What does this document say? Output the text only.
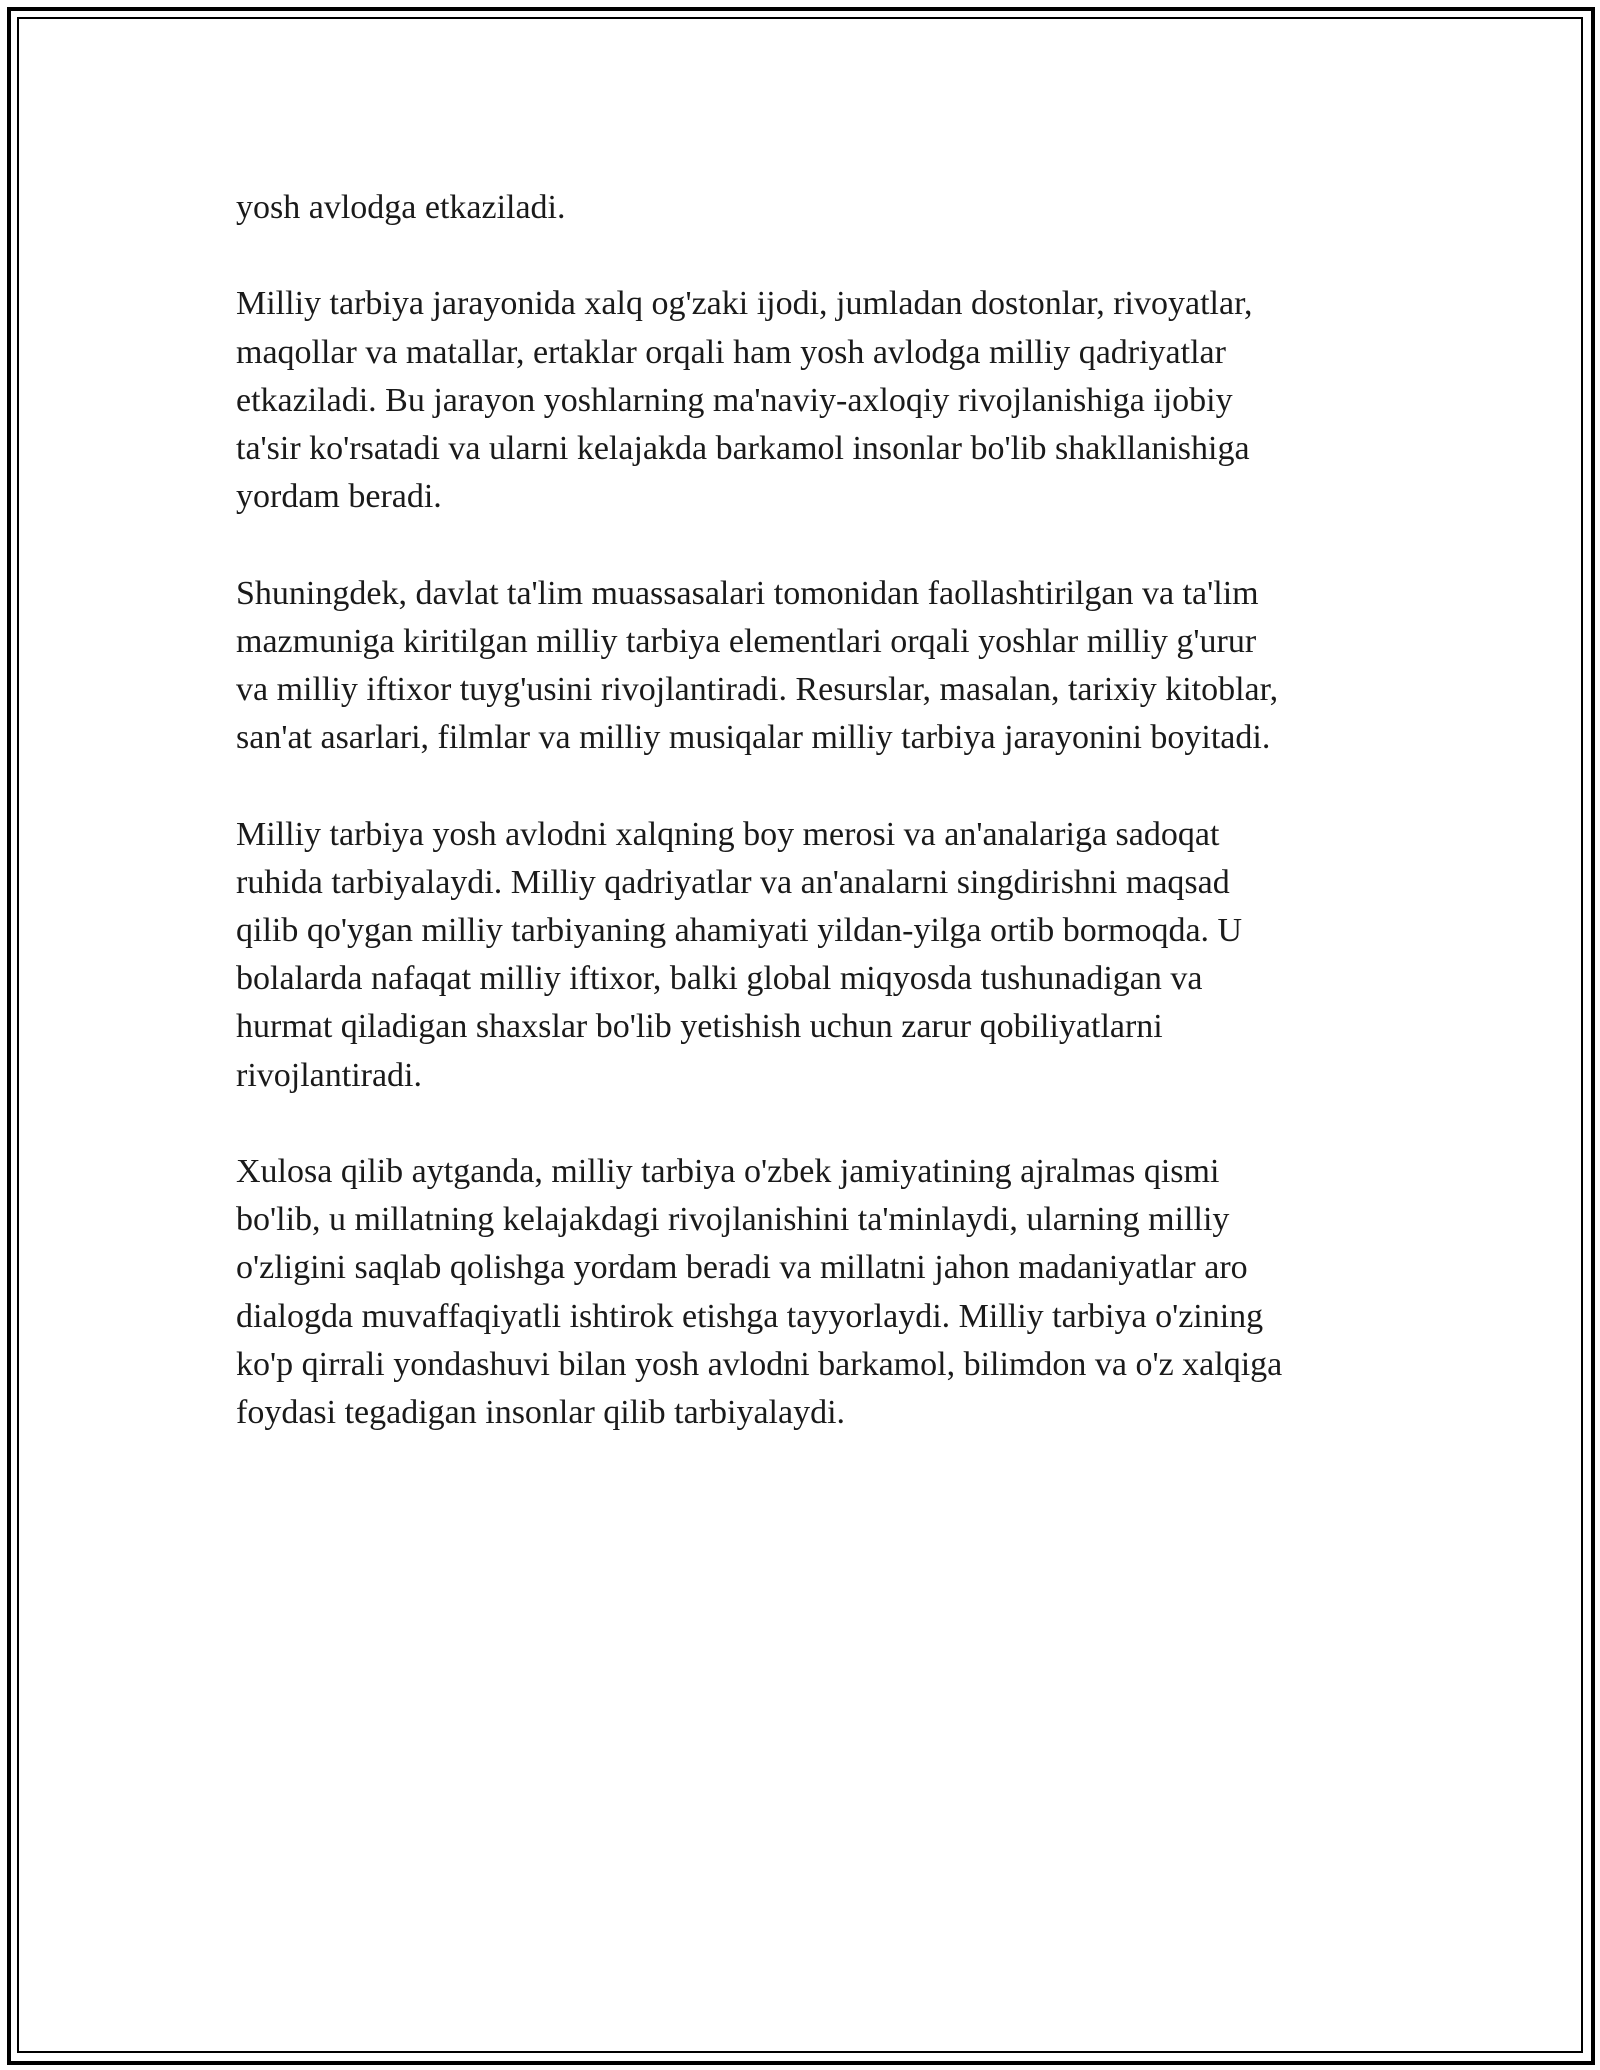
yosh avlodga etkaziladi.

Milliy tarbiya jarayonida xalq og'zaki ijodi, jumladan dostonlar, rivoyatlar,
maqollar va matallar, ertaklar orqali ham yosh avlodga milliy qadriyatlar
etkaziladi. Bu jarayon yoshlarning ma'naviy-axloqiy rivojlanishiga ijobiy
ta'sir ko'rsatadi va ularni kelajakda barkamol insonlar bo'lib shakllanishiga
yordam beradi.

Shuningdek, davlat ta'lim muassasalari tomonidan faollashtirilgan va ta'lim
mazmuniga kiritilgan milliy tarbiya elementlari orqali yoshlar milliy g'urur
va milliy iftixor tuyg'usini rivojlantiradi. Resurslar, masalan, tarixiy kitoblar,
san'at asarlari, filmlar va milliy musiqalar milliy tarbiya jarayonini boyitadi.

Milliy tarbiya yosh avlodni xalqning boy merosi va an'analariga sadoqat
ruhida tarbiyalaydi. Milliy qadriyatlar va an'analarni singdirishni maqsad
qilib qo'ygan milliy tarbiyaning ahamiyati yildan-yilga ortib bormoqda. U
bolalarda nafaqat milliy iftixor, balki global miqyosda tushunadigan va
hurmat qiladigan shaxslar bo'lib yetishish uchun zarur qobiliyatlarni
rivojlantiradi.

Xulosa qilib aytganda, milliy tarbiya o'zbek jamiyatining ajralmas qismi
bo'lib, u millatning kelajakdagi rivojlanishini ta'minlaydi, ularning milliy
o'zligini saqlab qolishga yordam beradi va millatni jahon madaniyatlar aro
dialogda muvaffaqiyatli ishtirok etishga tayyorlaydi. Milliy tarbiya o'zining
ko'p qirrali yondashuvi bilan yosh avlodni barkamol, bilimdon va o'z xalqiga
foydasi tegadigan insonlar qilib tarbiyalaydi.
